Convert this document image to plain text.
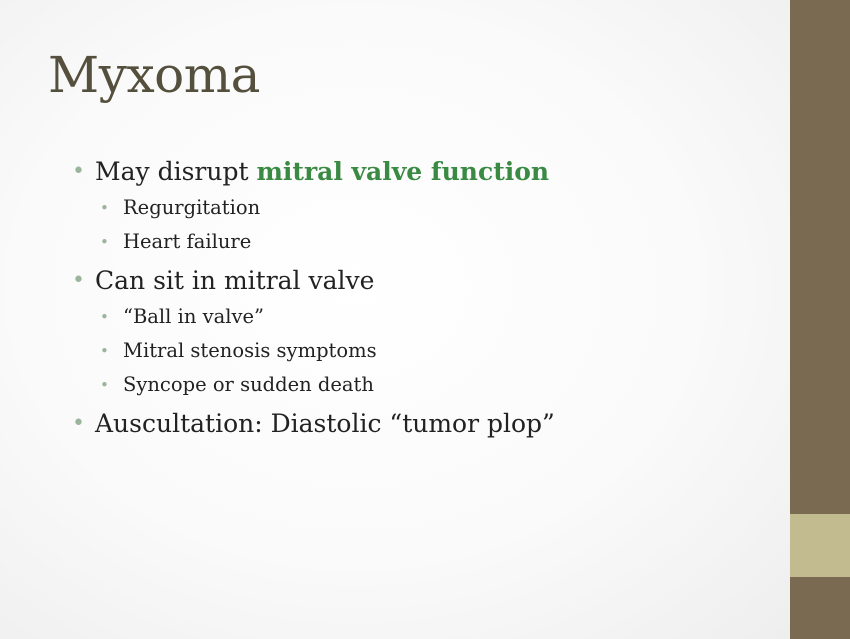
Myxoma
• May disrupt mitral valve function
• Regurgitation
• Heart failure
• Can sit in mitral valve
• “Ball in valve”
• Mitral stenosis symptoms
• Syncope or sudden death
• Auscultation: Diastolic “tumor plop”
